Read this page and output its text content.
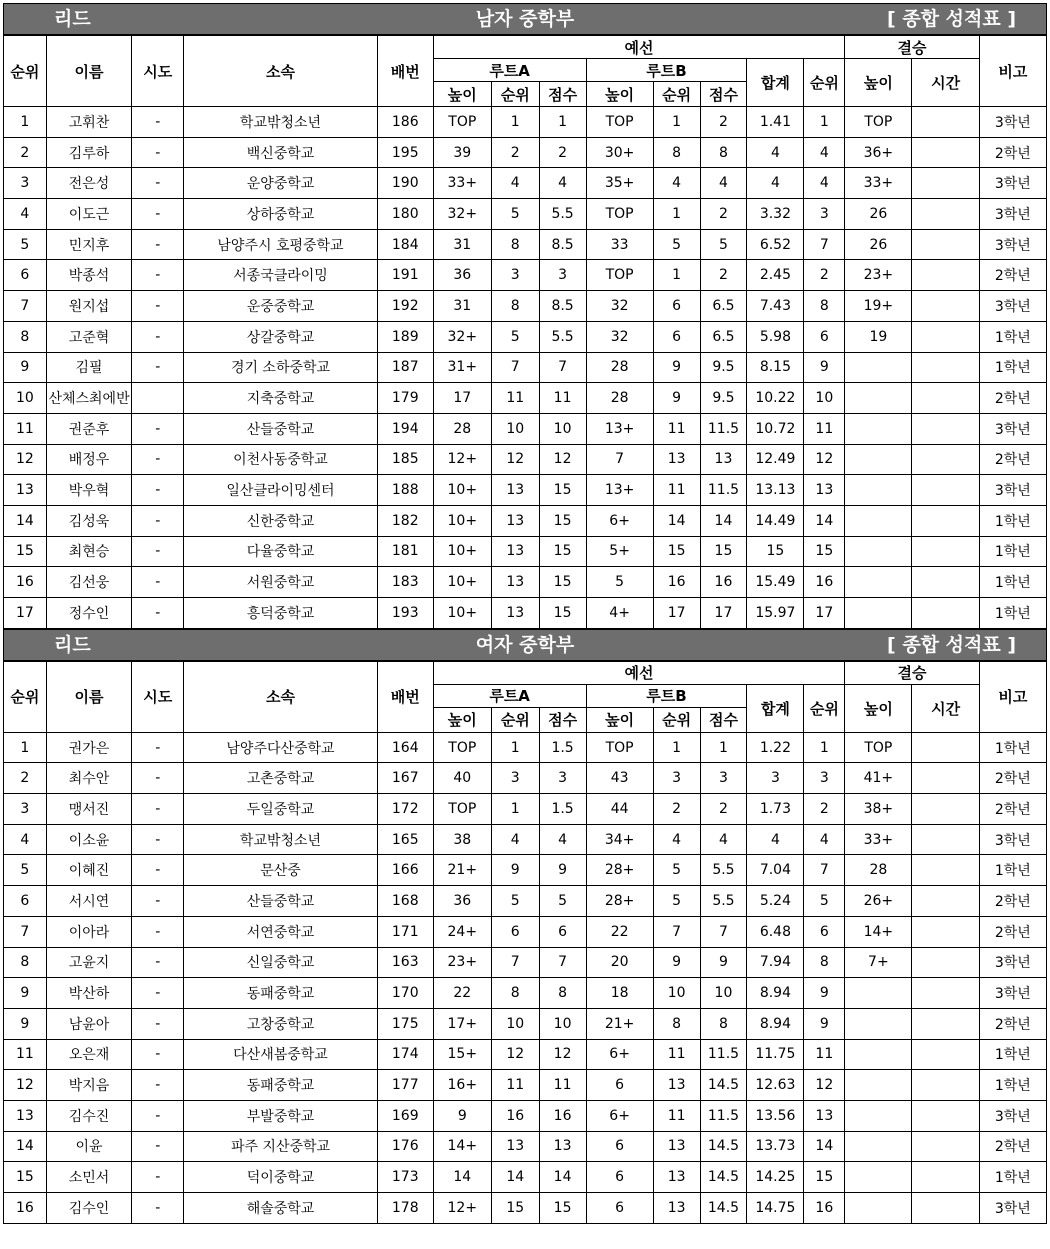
남자 중학부
리드	[ 종합 성적표 ]
순위	이름	시도	소속	배번	예선								결승		비고
					루트A			루트B			합계	순위	높이	시간	
					높이	순위	점수	높이	순위	점수					
1	고휘찬	-	학교밖청소년	186	TOP	1	1	TOP	1	2	1.41	1	TOP		3학년
2	김루하	-	백신중학교	195	39	2	2	30+	8	8	4	4	36+		2학년
3	전은성	-	운양중학교	190	33+	4	4	35+	4	4	4	4	33+		3학년
4	이도근	-	상하중학교	180	32+	5	5.5	TOP	1	2	3.32	3	26		3학년
5	민지후	-	남양주시 호평중학교	184	31	8	8.5	33	5	5	6.52	7	26		3학년
6	박종석	-	서종국클라이밍	191	36	3	3	TOP	1	2	2.45	2	23+		2학년
7	원지섭	-	운중중학교	192	31	8	8.5	32	6	6.5	7.43	8	19+		3학년
8	고준혁	-	상갈중학교	189	32+	5	5.5	32	6	6.5	5.98	6	19		1학년
9	김필	-	경기 소하중학교	187	31+	7	7	28	9	9.5	8.15	9			1학년
10	산체스최에반		지축중학교	179	17	11	11	28	9	9.5	10.22	10			2학년
11	권준후	-	산들중학교	194	28	10	10	13+	11	11.5	10.72	11			3학년
12	배정우	-	이천사동중학교	185	12+	12	12	7	13	13	12.49	12			2학년
13	박우혁	-	일산클라이밍센터	188	10+	13	15	13+	11	11.5	13.13	13			3학년
14	김성욱	-	신한중학교	182	10+	13	15	6+	14	14	14.49	14			1학년
15	최현승	-	다율중학교	181	10+	13	15	5+	15	15	15	15			1학년
16	김선웅	-	서원중학교	183	10+	13	15	5	16	16	15.49	16			1학년
17	정수인	-	흥덕중학교	193	10+	13	15	4+	17	17	15.97	17			1학년
여자 중학부
리드	[ 종합 성적표 ]
순위	이름	시도	소속	배번	예선								결승		비고
					루트A			루트B			합계	순위	높이	시간	
					높이	순위	점수	높이	순위	점수					
1	권가은	-	남양주다산중학교	164	TOP	1	1.5	TOP	1	1	1.22	1	TOP		1학년
2	최수안	-	고촌중학교	167	40	3	3	43	3	3	3	3	41+		2학년
3	맹서진	-	두일중학교	172	TOP	1	1.5	44	2	2	1.73	2	38+		2학년
4	이소윤	-	학교밖청소년	165	38	4	4	34+	4	4	4	4	33+		3학년
5	이혜진	-	문산중	166	21+	9	9	28+	5	5.5	7.04	7	28		1학년
6	서시연	-	산들중학교	168	36	5	5	28+	5	5.5	5.24	5	26+		2학년
7	이아라	-	서연중학교	171	24+	6	6	22	7	7	6.48	6	14+		2학년
8	고윤지	-	신일중학교	163	23+	7	7	20	9	9	7.94	8	7+		3학년
9	박산하	-	동패중학교	170	22	8	8	18	10	10	8.94	9			3학년
9	남윤아	-	고창중학교	175	17+	10	10	21+	8	8	8.94	9			2학년
11	오은재	-	다산새봄중학교	174	15+	12	12	6+	11	11.5	11.75	11			1학년
12	박지음	-	동패중학교	177	16+	11	11	6	13	14.5	12.63	12			1학년
13	김수진	-	부발중학교	169	9	16	16	6+	11	11.5	13.56	13			3학년
14	이윤	-	파주 지산중학교	176	14+	13	13	6	13	14.5	13.73	14			2학년
15	소민서	-	덕이중학교	173	14	14	14	6	13	14.5	14.25	15			1학년
16	김수인	-	해솔중학교	178	12+	15	15	6	13	14.5	14.75	16			3학년
